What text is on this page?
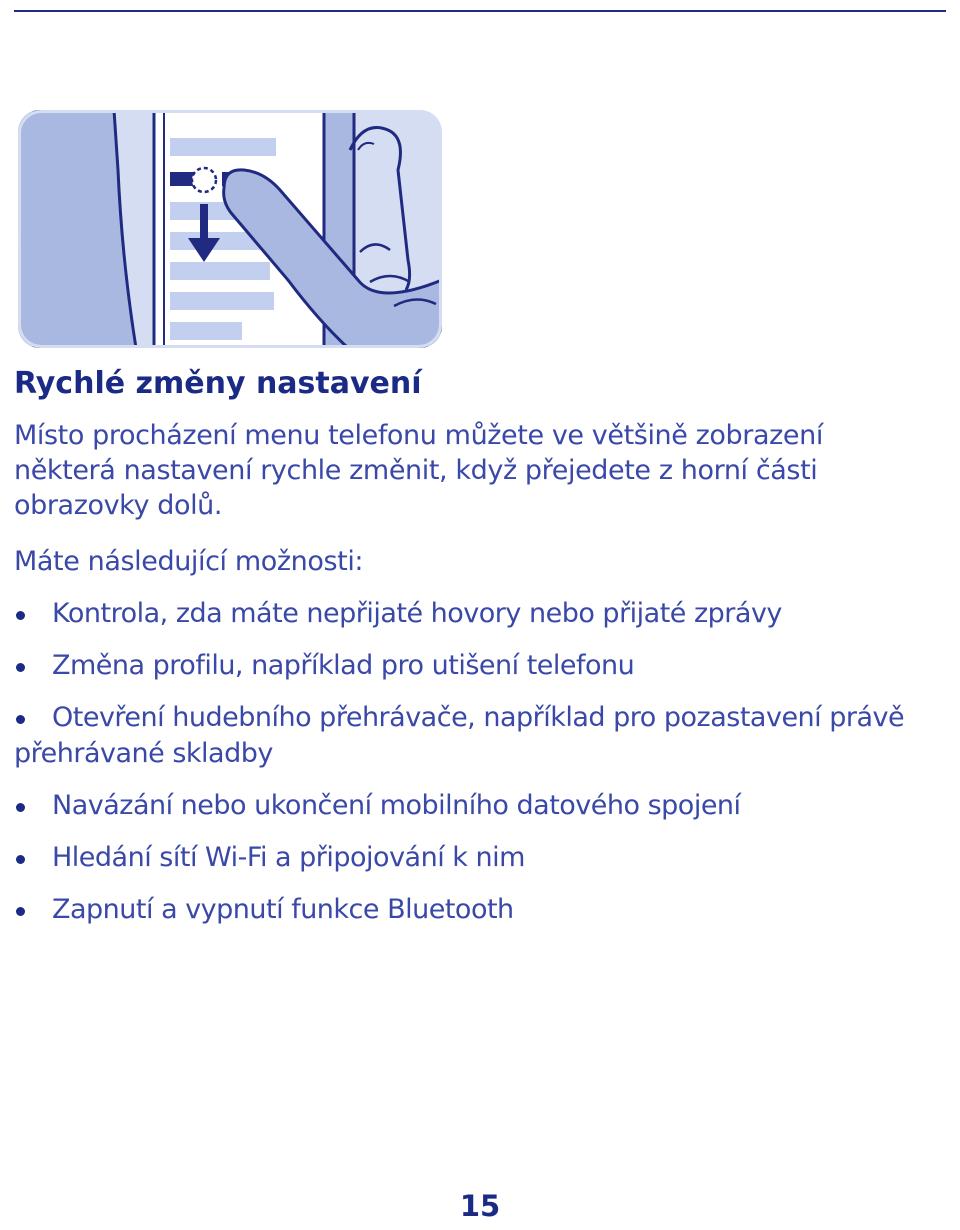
Rychlé změny nastavení

Místo procházení menu telefonu můžete ve většině zobrazení některá nastavení rychle změnit, když přejedete z horní části obrazovky dolů.

Máte následující možnosti:

Kontrola, zda máte nepřijaté hovory nebo přijaté zprávy
Změna profilu, například pro utišení telefonu
Otevření hudebního přehrávače, například pro pozastavení právě přehrávané skladby
Navázání nebo ukončení mobilního datového spojení
Hledání sítí Wi-Fi a připojování k nim
Zapnutí a vypnutí funkce Bluetooth
15
